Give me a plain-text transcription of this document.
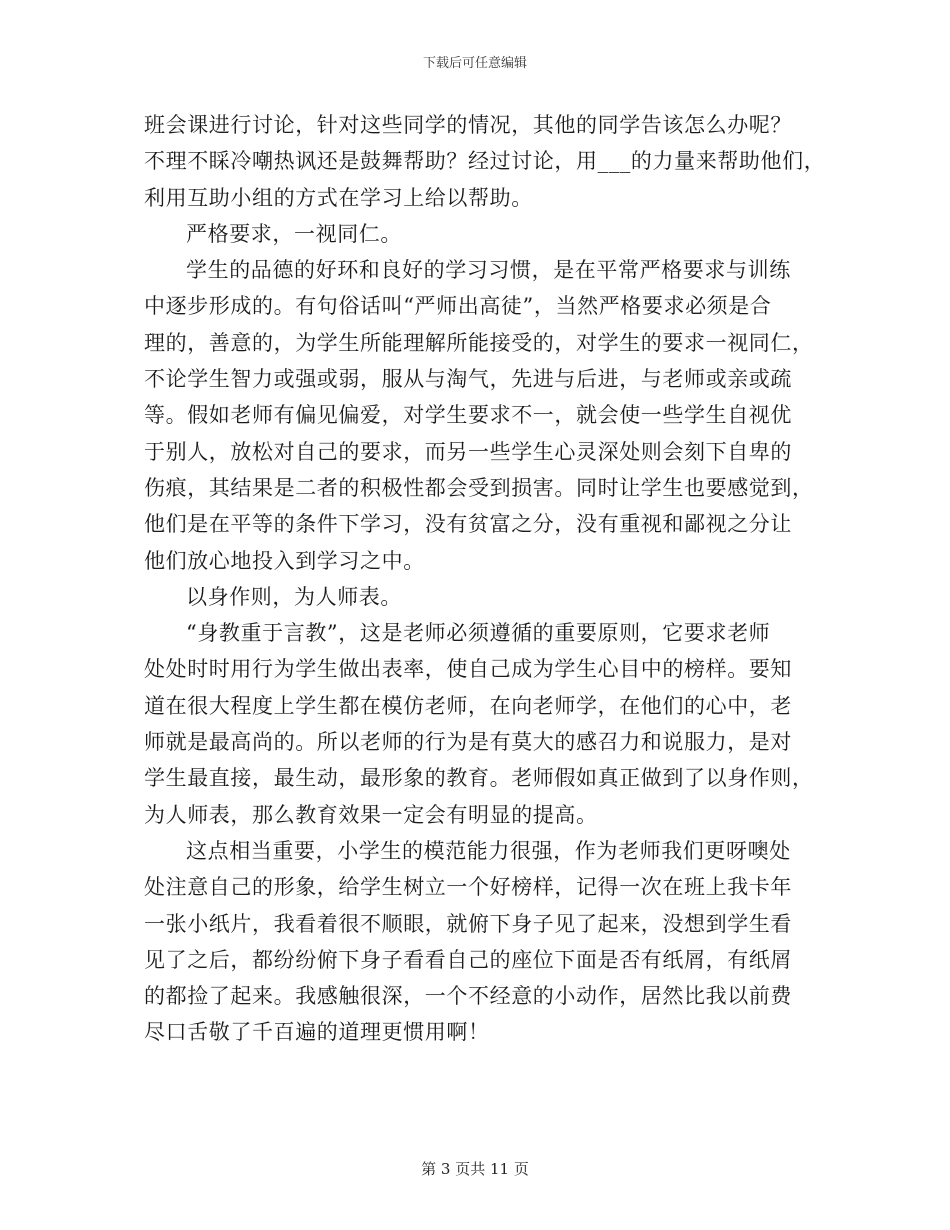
下载后可任意编辑
班会课进行讨论，针对这些同学的情况，其他的同学告该怎么办呢？
不理不睬冷嘲热讽还是鼓舞帮助？经过讨论，用___的力量来帮助他们，
利用互助小组的方式在学习上给以帮助。
严格要求，一视同仁。
学生的品德的好环和良好的学习习惯，是在平常严格要求与训练
中逐步形成的。有句俗话叫“严师出高徒”，当然严格要求必须是合
理的，善意的，为学生所能理解所能接受的，对学生的要求一视同仁，
不论学生智力或强或弱，服从与淘气，先进与后进，与老师或亲或疏
等。假如老师有偏见偏爱，对学生要求不一，就会使一些学生自视优
于别人，放松对自己的要求，而另一些学生心灵深处则会刻下自卑的
伤痕，其结果是二者的积极性都会受到损害。同时让学生也要感觉到，
他们是在平等的条件下学习，没有贫富之分，没有重视和鄙视之分让
他们放心地投入到学习之中。
以身作则，为人师表。
“身教重于言教”，这是老师必须遵循的重要原则，它要求老师
处处时时用行为学生做出表率，使自己成为学生心目中的榜样。要知
道在很大程度上学生都在模仿老师，在向老师学，在他们的心中，老
师就是最高尚的。所以老师的行为是有莫大的感召力和说服力，是对
学生最直接，最生动，最形象的教育。老师假如真正做到了以身作则，
为人师表，那么教育效果一定会有明显的提高。
这点相当重要，小学生的模范能力很强，作为老师我们更呀噢处
处注意自己的形象，给学生树立一个好榜样，记得一次在班上我卡年
一张小纸片，我看着很不顺眼，就俯下身子见了起来，没想到学生看
见了之后，都纷纷俯下身子看看自己的座位下面是否有纸屑，有纸屑
的都捡了起来。我感触很深，一个不经意的小动作，居然比我以前费
尽口舌敬了千百遍的道理更惯用啊！
第 3 页共 11 页
